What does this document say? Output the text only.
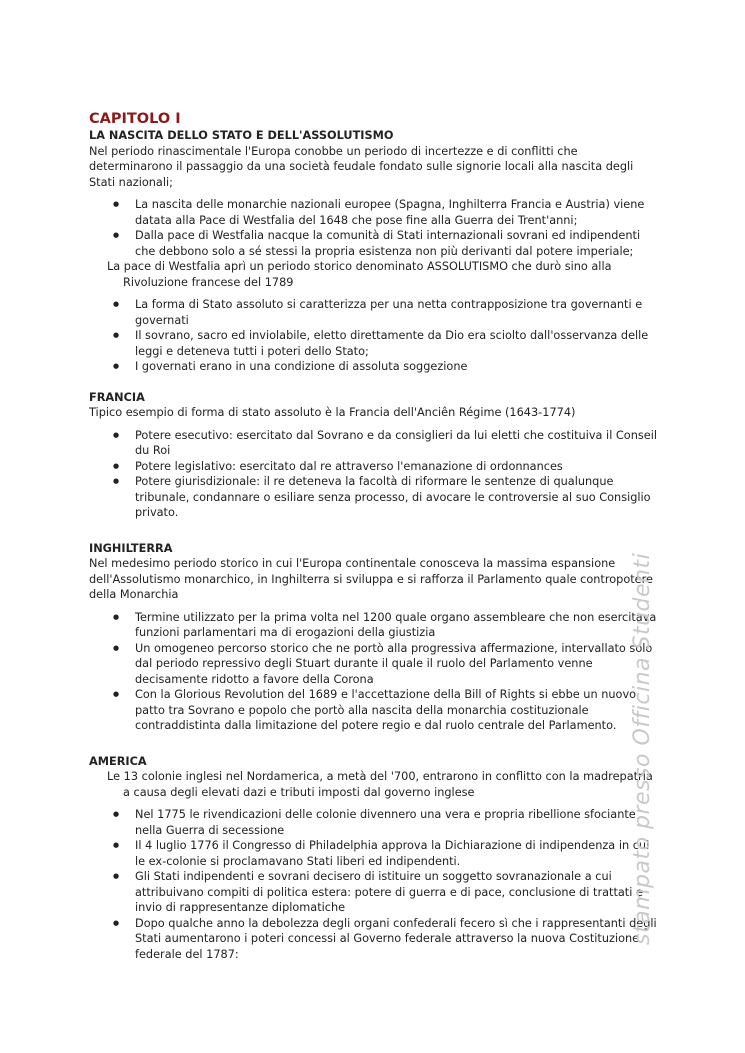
CAPITOLO I
LA NASCITA DELLO STATO E DELL'ASSOLUTISMO

Nel periodo rinascimentale l'Europa conobbe un periodo di incertezze e di conflitti che determinarono il passaggio da una società feudale fondato sulle signorie locali alla nascita degli Stati nazionali;

● La nascita delle monarchie nazionali europee (Spagna, Inghilterra Francia e Austria) viene datata alla Pace di Westfalia del 1648 che pose fine alla Guerra dei Trent'anni;
● Dalla pace di Westfalia nacque la comunità di Stati internazionali sovrani ed indipendenti che debbono solo a sé stessi la propria esistenza non più derivanti dal potere imperiale;

La pace di Westfalia aprì un periodo storico denominato ASSOLUTISMO che durò sino alla Rivoluzione francese del 1789

● La forma di Stato assoluto si caratterizza per una netta contrapposizione tra governanti e governati
● Il sovrano, sacro ed inviolabile, eletto direttamente da Dio era sciolto dall'osservanza delle leggi e deteneva tutti i poteri dello Stato;
● I governati erano in una condizione di assoluta soggezione
FRANCIA

Tipico esempio di forma di stato assoluto è la Francia dell'Anciên Régime (1643-1774)

● Potere esecutivo: esercitato dal Sovrano e da consiglieri da lui eletti che costituiva il Conseil du Roi
● Potere legislativo: esercitato dal re attraverso l'emanazione di ordonnances
● Potere giurisdizionale: il re deteneva la facoltà di riformare le sentenze di qualunque tribunale, condannare o esiliare senza processo, di avocare le controversie al suo Consiglio privato.
INGHILTERRA

Nel medesimo periodo storico in cui l'Europa continentale conosceva la massima espansione dell'Assolutismo monarchico, in Inghilterra si sviluppa e si rafforza il Parlamento quale contropotere della Monarchia

● Termine utilizzato per la prima volta nel 1200 quale organo assembleare che non esercitava funzioni parlamentari ma di erogazioni della giustizia
● Un omogeneo percorso storico che ne portò alla progressiva affermazione, intervallato solo dal periodo repressivo degli Stuart durante il quale il ruolo del Parlamento venne decisamente ridotto a favore della Corona
● Con la Glorious Revolution del 1689 e l'accettazione della Bill of Rights si ebbe un nuovo patto tra Sovrano e popolo che portò alla nascita della monarchia costituzionale contraddistinta dalla limitazione del potere regio e dal ruolo centrale del Parlamento.
AMERICA

Le 13 colonie inglesi nel Nordamerica, a metà del '700, entrarono in conflitto con la madrepatria a causa degli elevati dazi e tributi imposti dal governo inglese

● Nel 1775 le rivendicazioni delle colonie divennero una vera e propria ribellione sfociante nella Guerra di secessione
● Il 4 luglio 1776 il Congresso di Philadelphia approva la Dichiarazione di indipendenza in cui le ex-colonie si proclamavano Stati liberi ed indipendenti.
● Gli Stati indipendenti e sovrani decisero di istituire un soggetto sovranazionale a cui attribuivano compiti di politica estera: potere di guerra e di pace, conclusione di trattati e invio di rappresentanze diplomatiche
● Dopo qualche anno la debolezza degli organi confederali fecero sì che i rappresentanti degli Stati aumentarono i poteri concessi al Governo federale attraverso la nuova Costituzione federale del 1787:
stampato presso Officina Studenti
